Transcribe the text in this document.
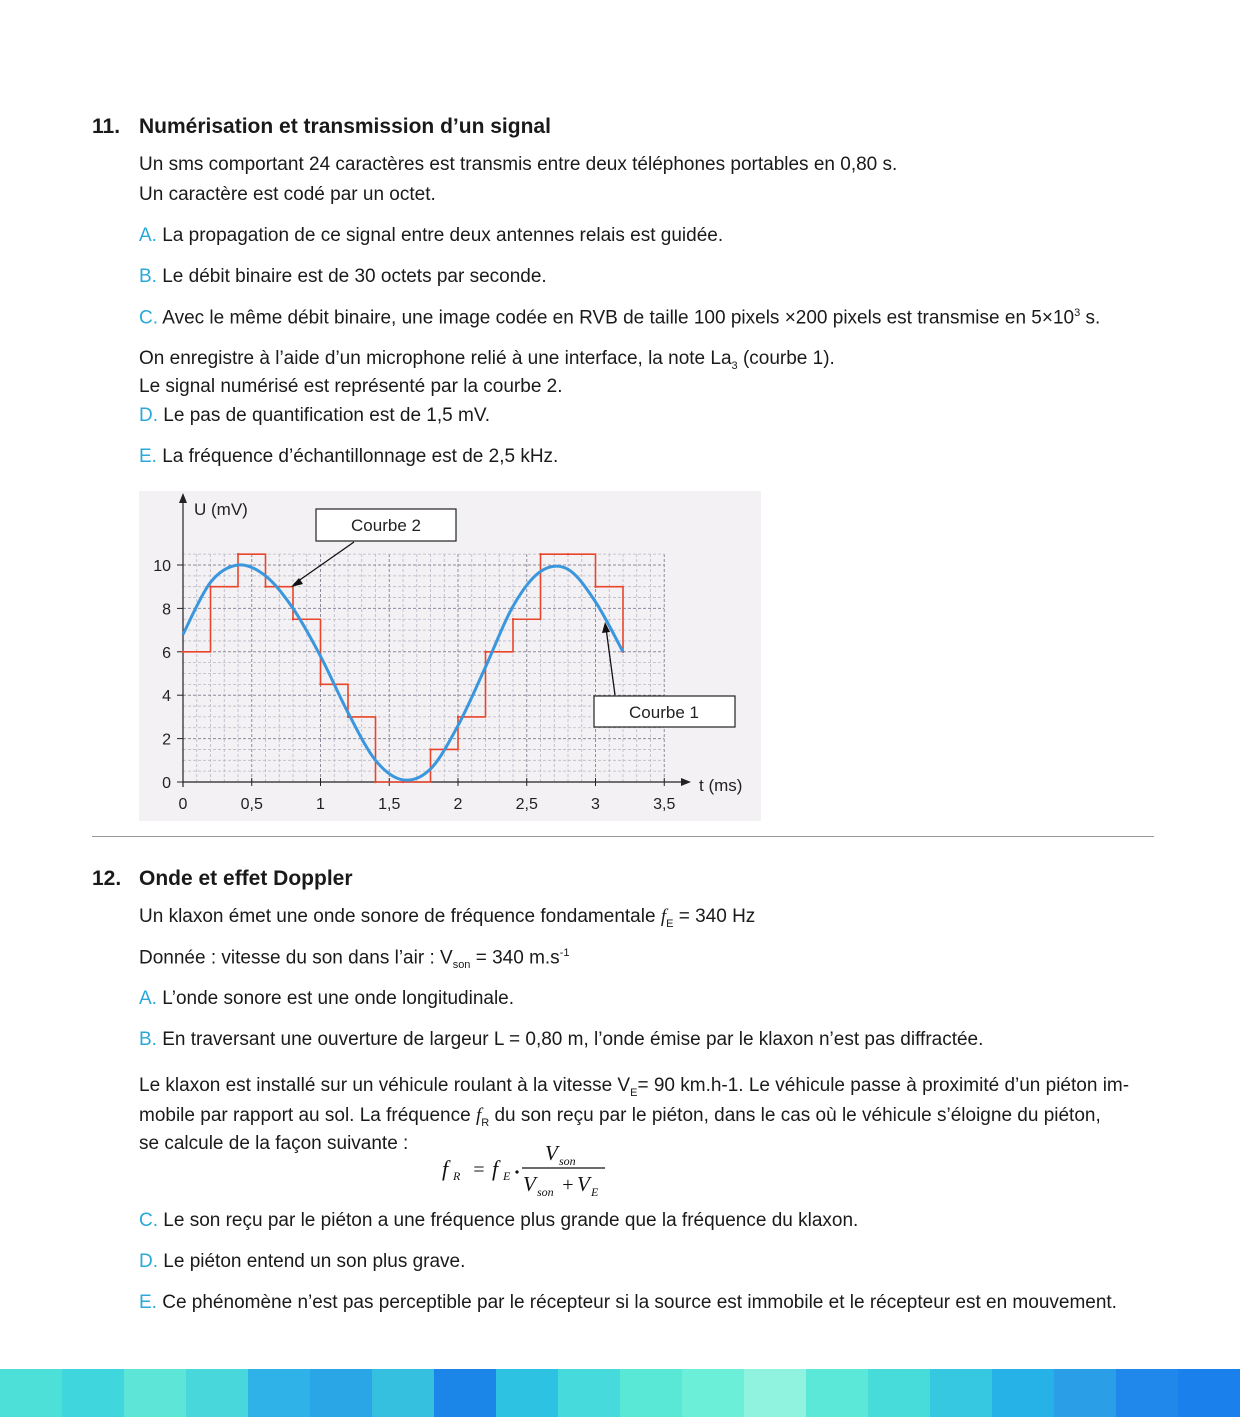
11. Numérisation et transmission d’un signal
Un sms comportant 24 caractères est transmis entre deux téléphones portables en 0,80 s.
Un caractère est codé par un octet.
A. La propagation de ce signal entre deux antennes relais est guidée.
B. Le débit binaire est de 30 octets par seconde.
C. Avec le même débit binaire, une image codée en RVB de taille 100 pixels ×200 pixels est transmise en $5\times 10^3$ s.
On enregistre à l’aide d’un microphone relié à une interface, la note $La_3$ (courbe 1).
Le signal numérisé est représenté par la courbe 2.
D. Le pas de quantification est de 1,5 mV.
E. La fréquence d’échantillonnage est de 2,5 kHz.
0	0,5	1	1,5	2	2,5	3	3,5
0
2
4
6
8
10
U (mV)
t (ms)
Courbe 2
Courbe 1
12. Onde et effet Doppler
Un klaxon émet une onde sonore de fréquence fondamentale $f_E = 340$ Hz
Donnée : vitesse du son dans l’air : $V_{son} = 340$ $m.s^{-1}$
A. L’onde sonore est une onde longitudinale.
B. En traversant une ouverture de largeur L = 0,80 m, l’onde émise par le klaxon n’est pas diffractée.
Le klaxon est installé sur un véhicule roulant à la vitesse $V_E= 90$ km.h-1. Le véhicule passe à proximité d’un piéton im-
mobile par rapport au sol. La fréquence $f_R$ du son reçu par le piéton, dans le cas où le véhicule s’éloigne du piéton,
se calcule de la façon suivante :
f R = f E
V son
V son + V E
C. Le son reçu par le piéton a une fréquence plus grande que la fréquence du klaxon.
D. Le piéton entend un son plus grave.
E. Ce phénomène n’est pas perceptible par le récepteur si la source est immobile et le récepteur est en mouvement.
